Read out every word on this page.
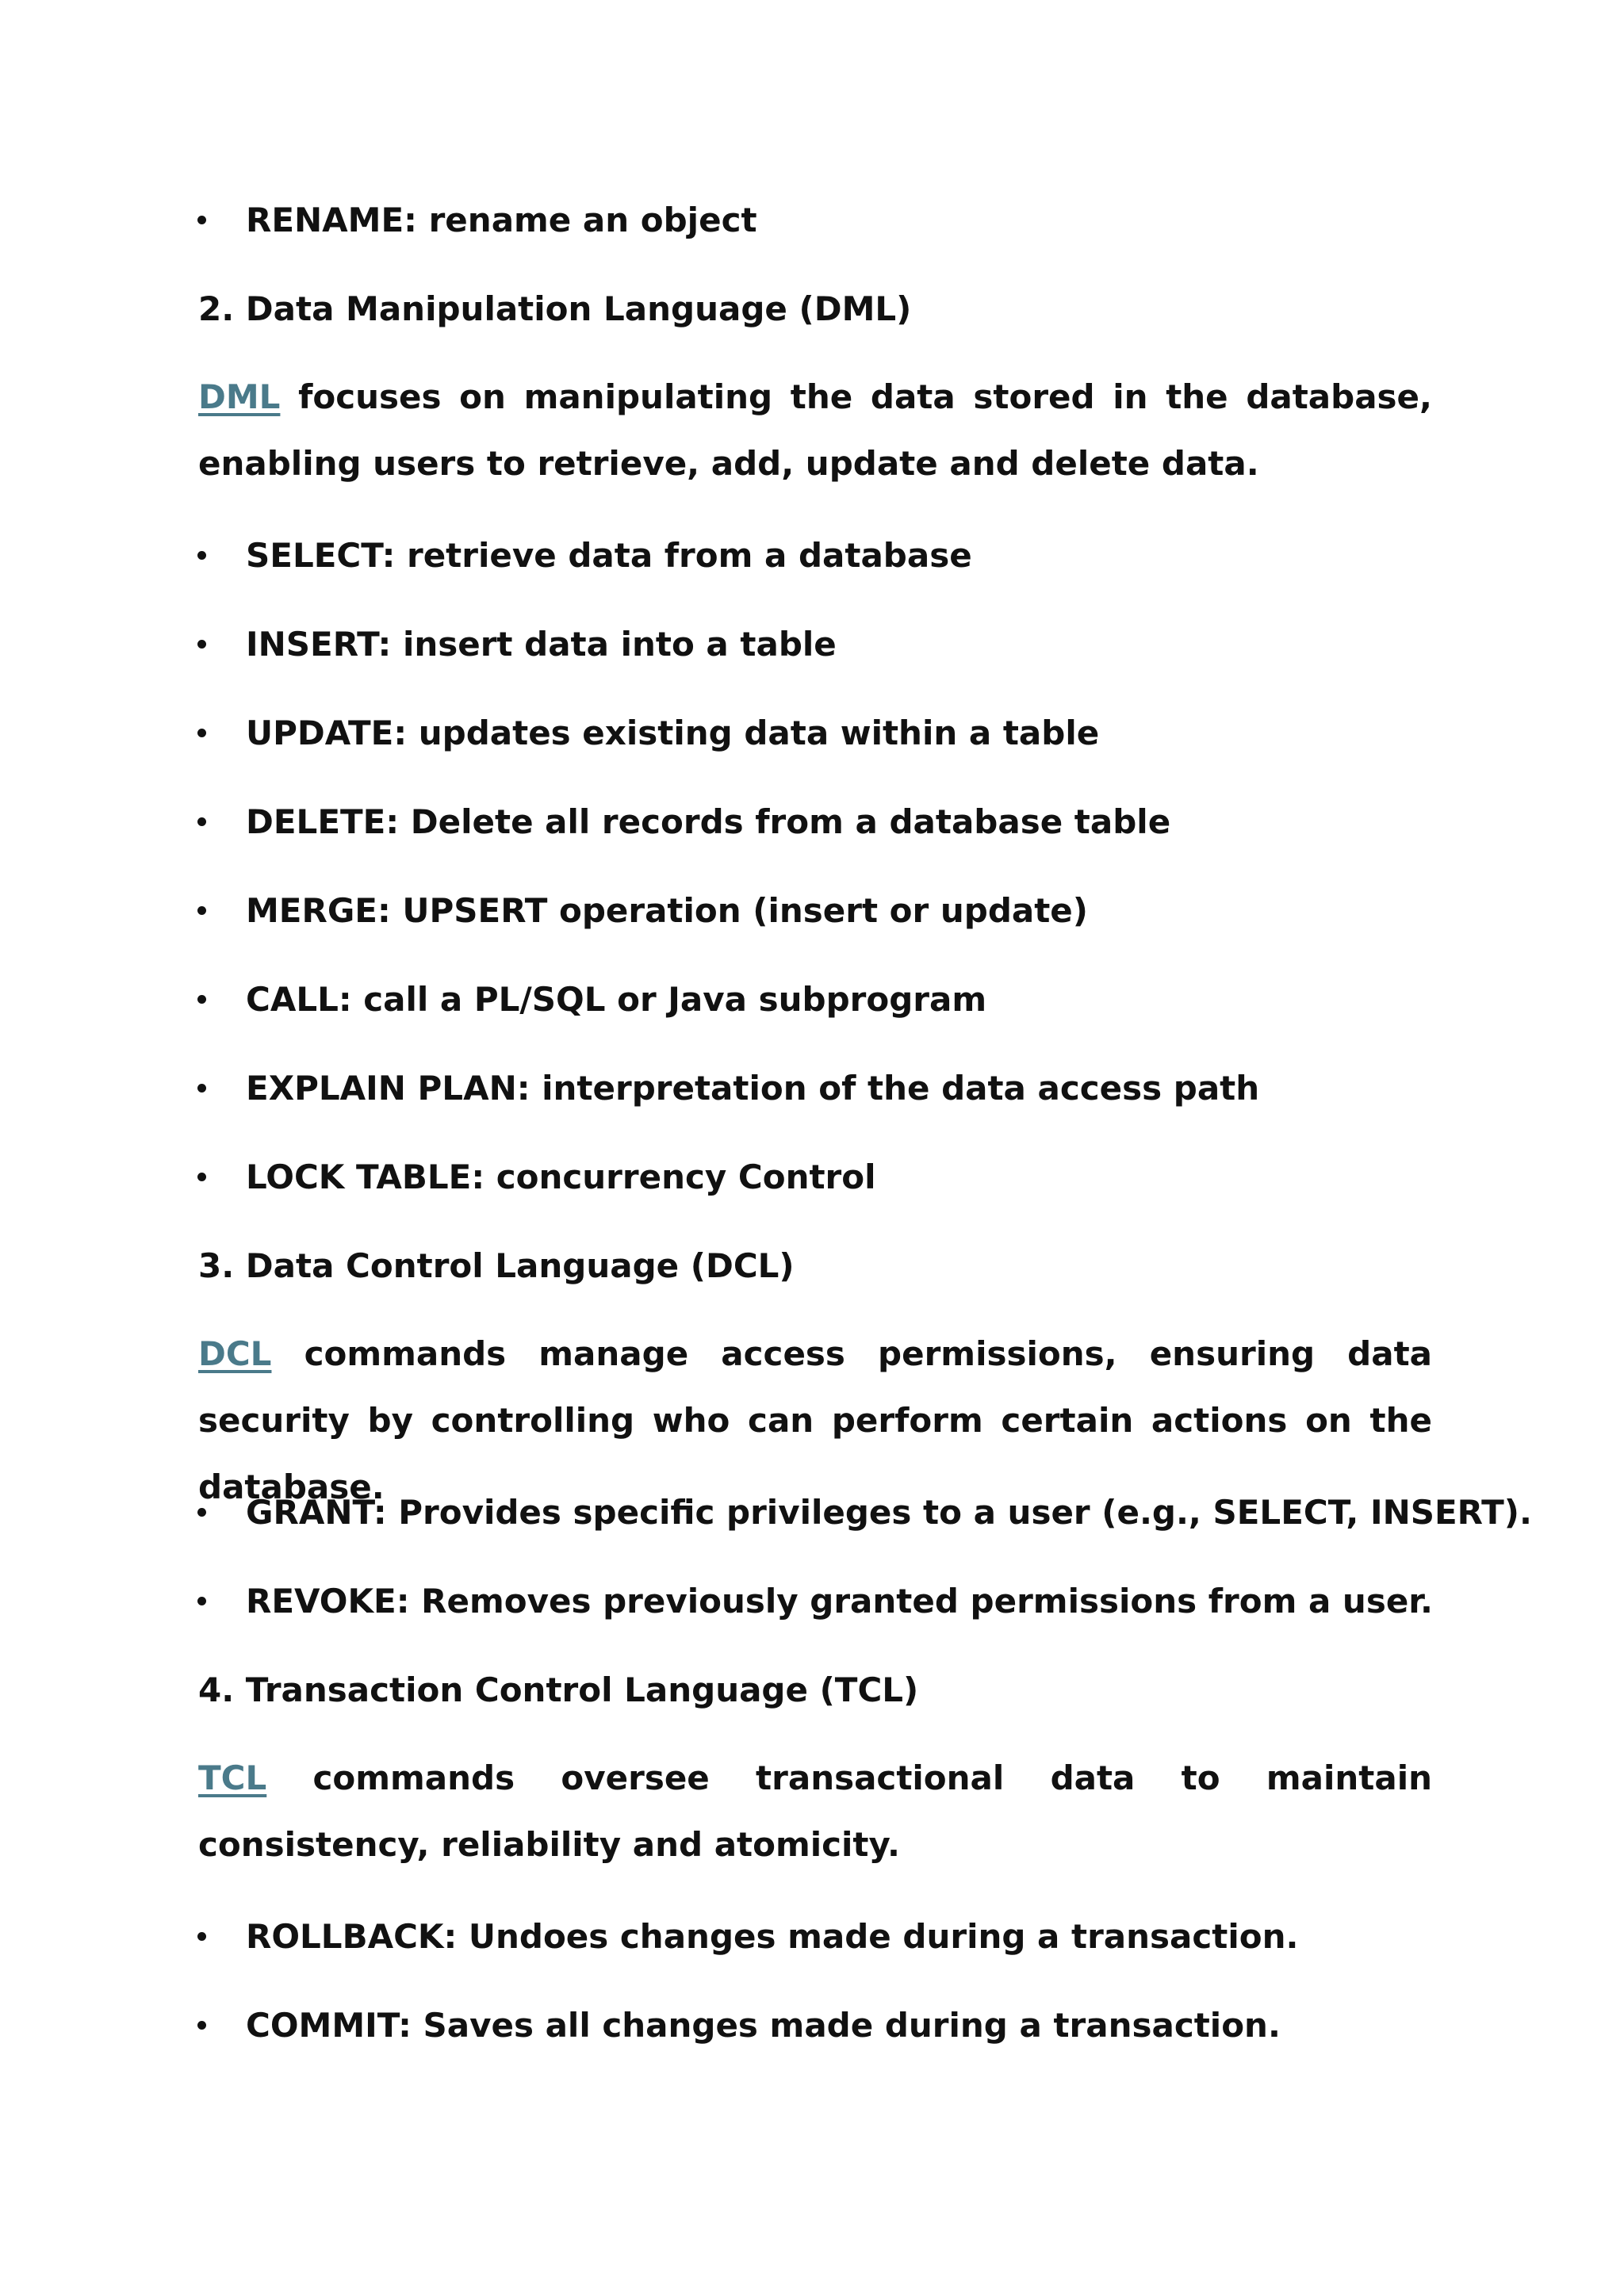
RENAME: rename an object
2. Data Manipulation Language (DML)
DML focuses on manipulating the data stored in the database, enabling users to retrieve, add, update and delete data.
SELECT: retrieve data from a database
INSERT: insert data into a table
UPDATE: updates existing data within a table
DELETE: Delete all records from a database table
MERGE: UPSERT operation (insert or update)
CALL: call a PL/SQL or Java subprogram
EXPLAIN PLAN: interpretation of the data access path
LOCK TABLE: concurrency Control
3. Data Control Language (DCL)
DCL commands manage access permissions, ensuring data security by controlling who can perform certain actions on the database.
GRANT: Provides specific privileges to a user (e.g., SELECT, INSERT).
REVOKE: Removes previously granted permissions from a user.
4. Transaction Control Language (TCL)
TCL commands oversee transactional data to maintain consistency, reliability and atomicity.
ROLLBACK: Undoes changes made during a transaction.
COMMIT: Saves all changes made during a transaction.
